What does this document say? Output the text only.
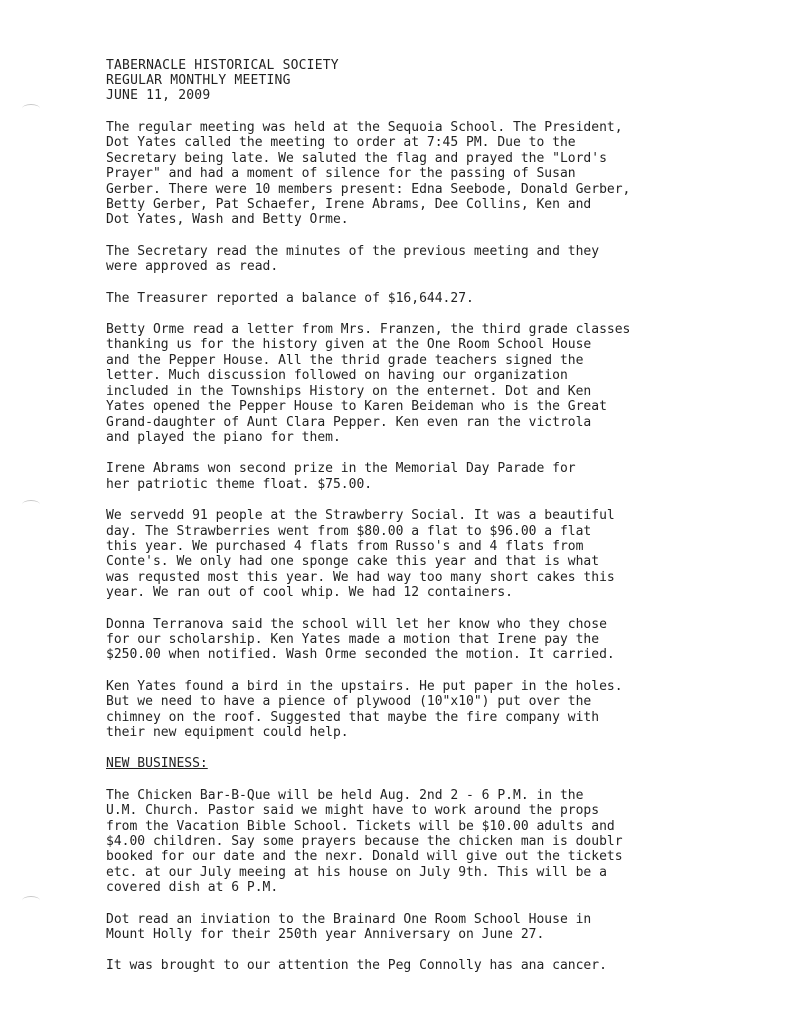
TABERNACLE HISTORICAL SOCIETY
REGULAR MONTHLY MEETING
JUNE 11, 2009

The regular meeting was held at the Sequoia School. The President,
Dot Yates called the meeting to order at 7:45 PM. Due to the
Secretary being late. We saluted the flag and prayed the "Lord's
Prayer" and had a moment of silence for the passing of Susan
Gerber. There were 10 members present: Edna Seebode, Donald Gerber,
Betty Gerber, Pat Schaefer, Irene Abrams, Dee Collins, Ken and
Dot Yates, Wash and Betty Orme.

The Secretary read the minutes of the previous meeting and they
were approved as read.

The Treasurer reported a balance of $16,644.27.

Betty Orme read a letter from Mrs. Franzen, the third grade classes
thanking us for the history given at the One Room School House
and the Pepper House. All the thrid grade teachers signed the
letter. Much discussion followed on having our organization
included in the Townships History on the enternet. Dot and Ken
Yates opened the Pepper House to Karen Beideman who is the Great
Grand-daughter of Aunt Clara Pepper. Ken even ran the victrola
and played the piano for them.

Irene Abrams won second prize in the Memorial Day Parade for
her patriotic theme float. $75.00.

We servedd 91 people at the Strawberry Social. It was a beautiful
day. The Strawberries went from $80.00 a flat to $96.00 a flat
this year. We purchased 4 flats from Russo's and 4 flats from
Conte's. We only had one sponge cake this year and that is what
was requsted most this year. We had way too many short cakes this
year. We ran out of cool whip. We had 12 containers.

Donna Terranova said the school will let her know who they chose
for our scholarship. Ken Yates made a motion that Irene pay the
$250.00 when notified. Wash Orme seconded the motion. It carried.

Ken Yates found a bird in the upstairs. He put paper in the holes.
But we need to have a pience of plywood (10"x10") put over the
chimney on the roof. Suggested that maybe the fire company with
their new equipment could help.

NEW BUSINESS:

The Chicken Bar-B-Que will be held Aug. 2nd 2 - 6 P.M. in the
U.M. Church. Pastor said we might have to work around the props
from the Vacation Bible School. Tickets will be $10.00 adults and
$4.00 children. Say some prayers because the chicken man is doublr
booked for our date and the nexr. Donald will give out the tickets
etc. at our July meeing at his house on July 9th. This will be a
covered dish at 6 P.M.

Dot read an inviation to the Brainard One Room School House in
Mount Holly for their 250th year Anniversary on June 27.

It was brought to our attention the Peg Connolly has ana cancer.
